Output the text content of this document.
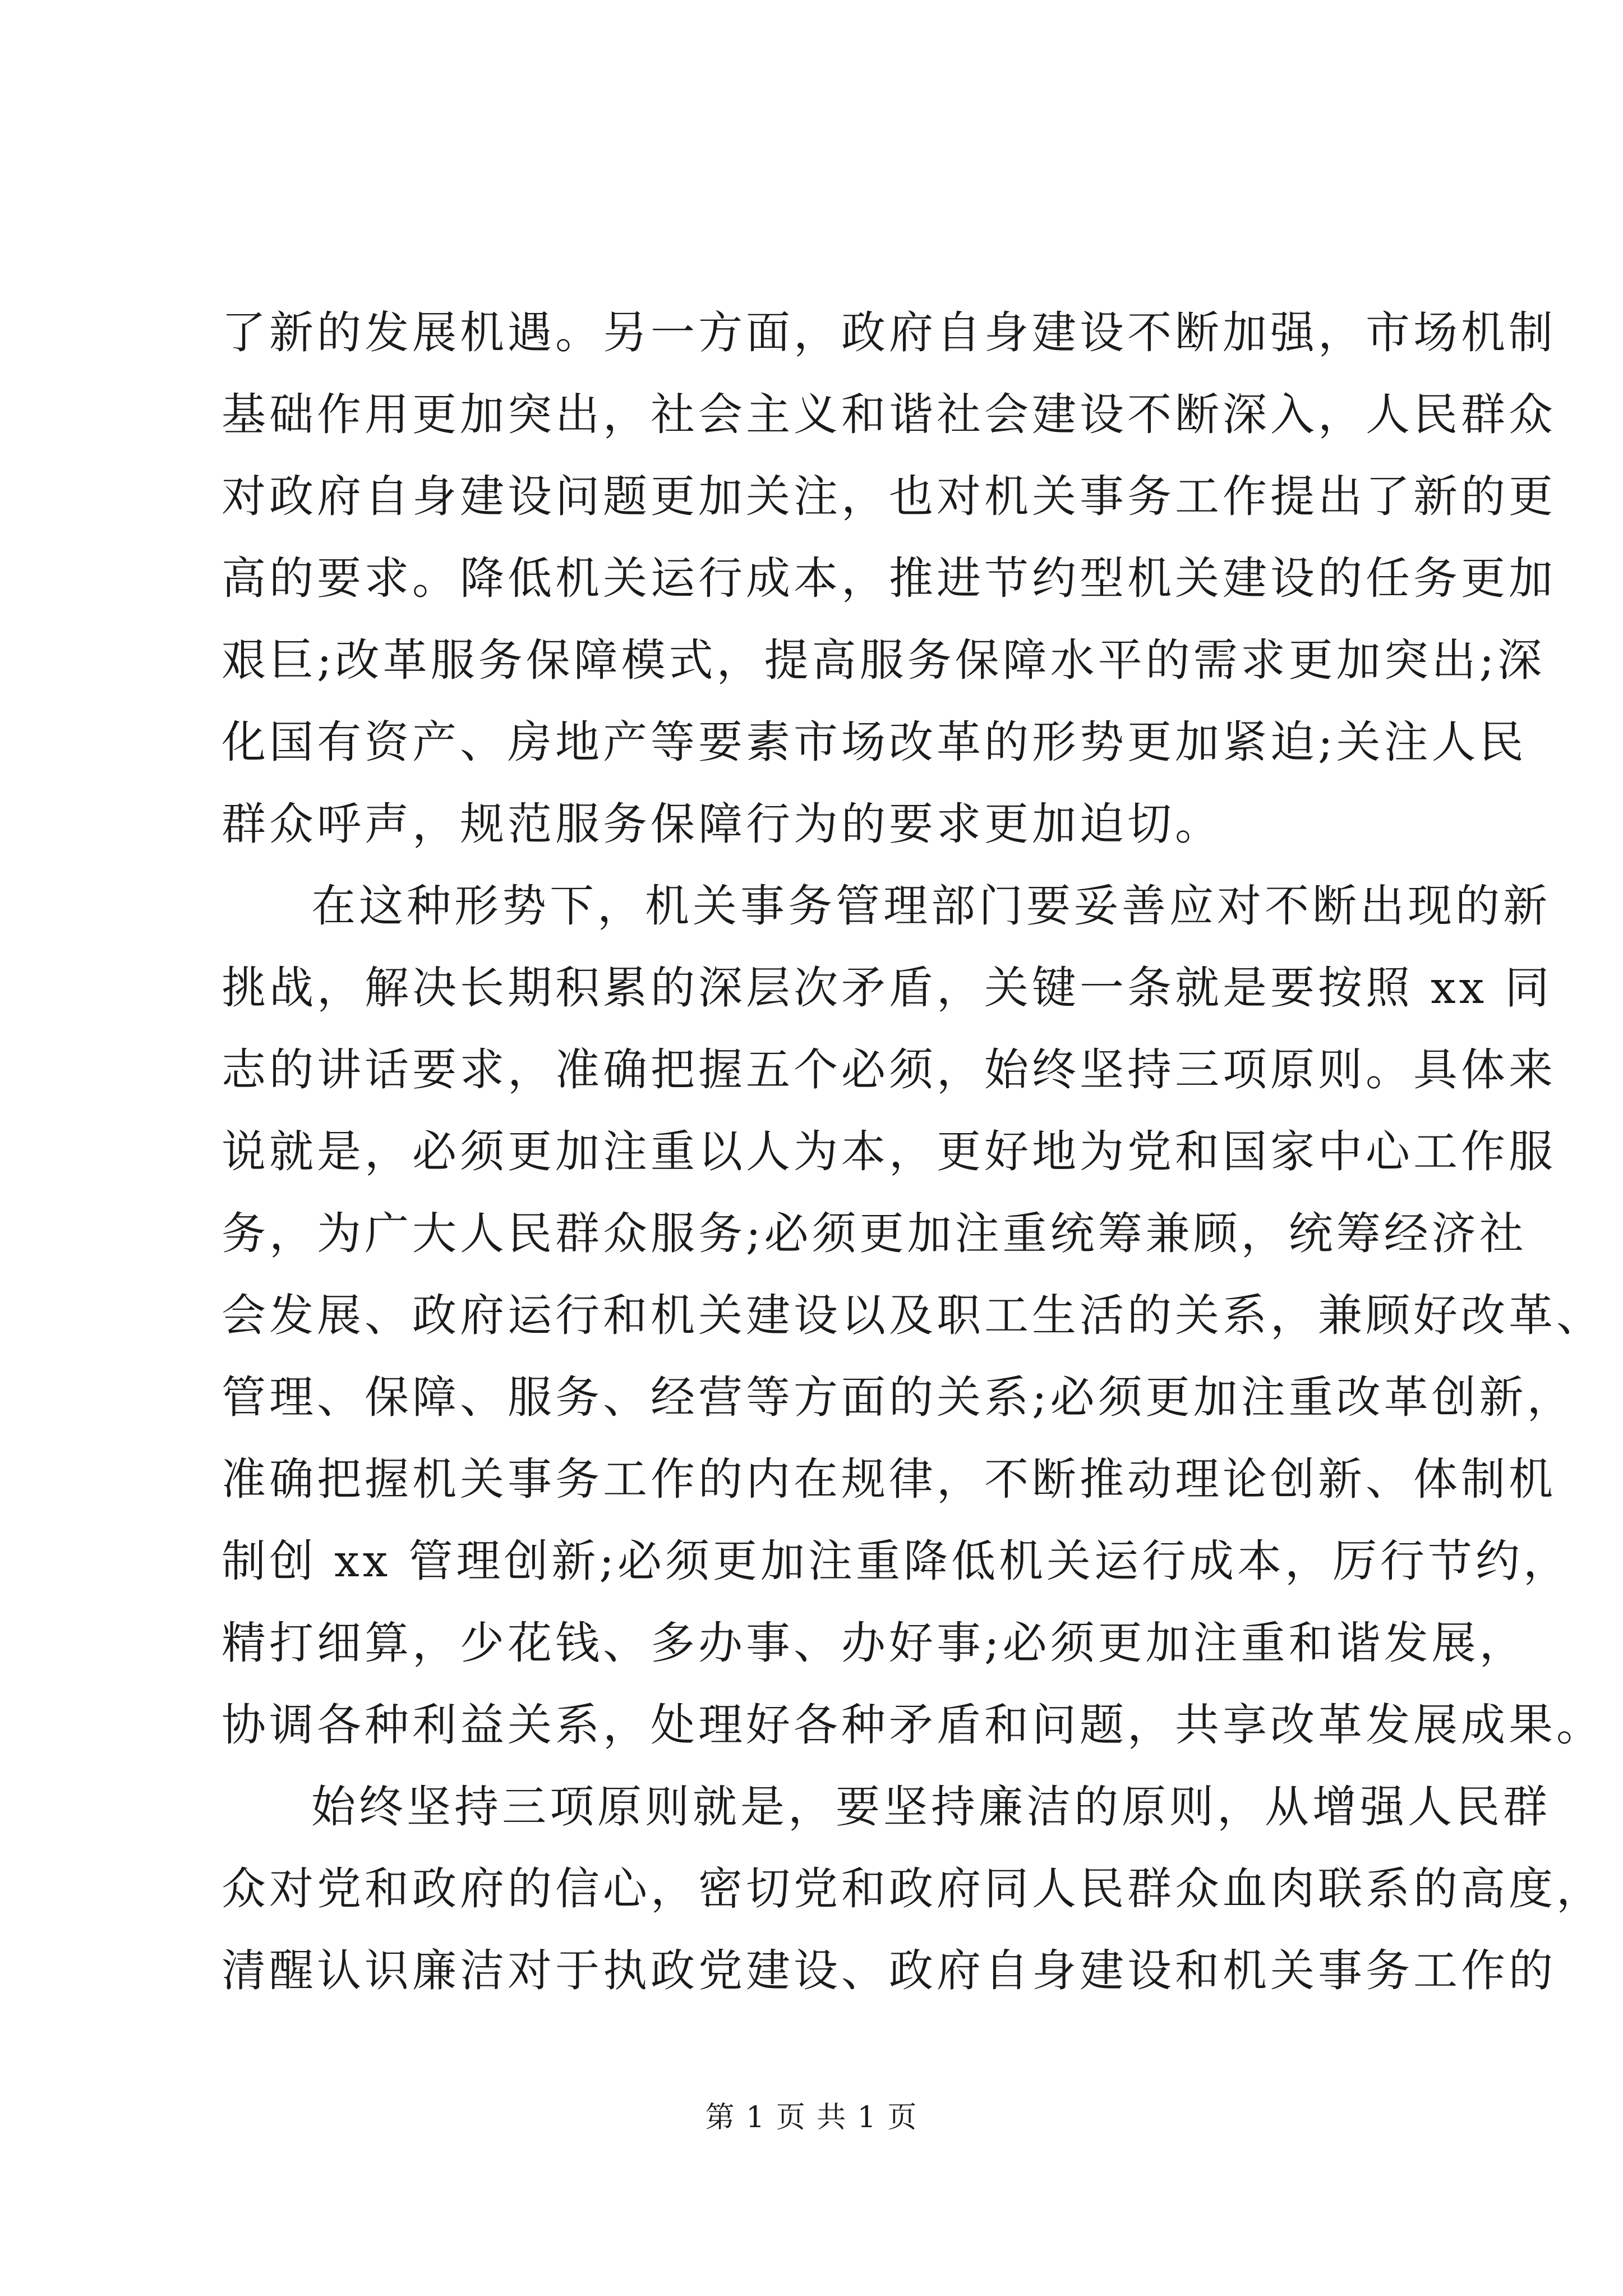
了新的发展机遇。另一方面，政府自身建设不断加强，市场机制
基础作用更加突出，社会主义和谐社会建设不断深入，人民群众
对政府自身建设问题更加关注，也对机关事务工作提出了新的更
高的要求。降低机关运行成本，推进节约型机关建设的任务更加
艰巨;改革服务保障模式，提高服务保障水平的需求更加突出;深
化国有资产、房地产等要素市场改革的形势更加紧迫;关注人民
群众呼声，规范服务保障行为的要求更加迫切。
在这种形势下，机关事务管理部门要妥善应对不断出现的新
挑战，解决长期积累的深层次矛盾，关键一条就是要按照 xx 同
志的讲话要求，准确把握五个必须，始终坚持三项原则。具体来
说就是，必须更加注重以人为本，更好地为党和国家中心工作服
务，为广大人民群众服务;必须更加注重统筹兼顾，统筹经济社
会发展、政府运行和机关建设以及职工生活的关系，兼顾好改革、
管理、保障、服务、经营等方面的关系;必须更加注重改革创新，
准确把握机关事务工作的内在规律，不断推动理论创新、体制机
制创 xx 管理创新;必须更加注重降低机关运行成本，厉行节约，
精打细算，少花钱、多办事、办好事;必须更加注重和谐发展，
协调各种利益关系，处理好各种矛盾和问题，共享改革发展成果。
始终坚持三项原则就是，要坚持廉洁的原则，从增强人民群
众对党和政府的信心，密切党和政府同人民群众血肉联系的高度，
清醒认识廉洁对于执政党建设、政府自身建设和机关事务工作的
第 1 页 共 1 页
